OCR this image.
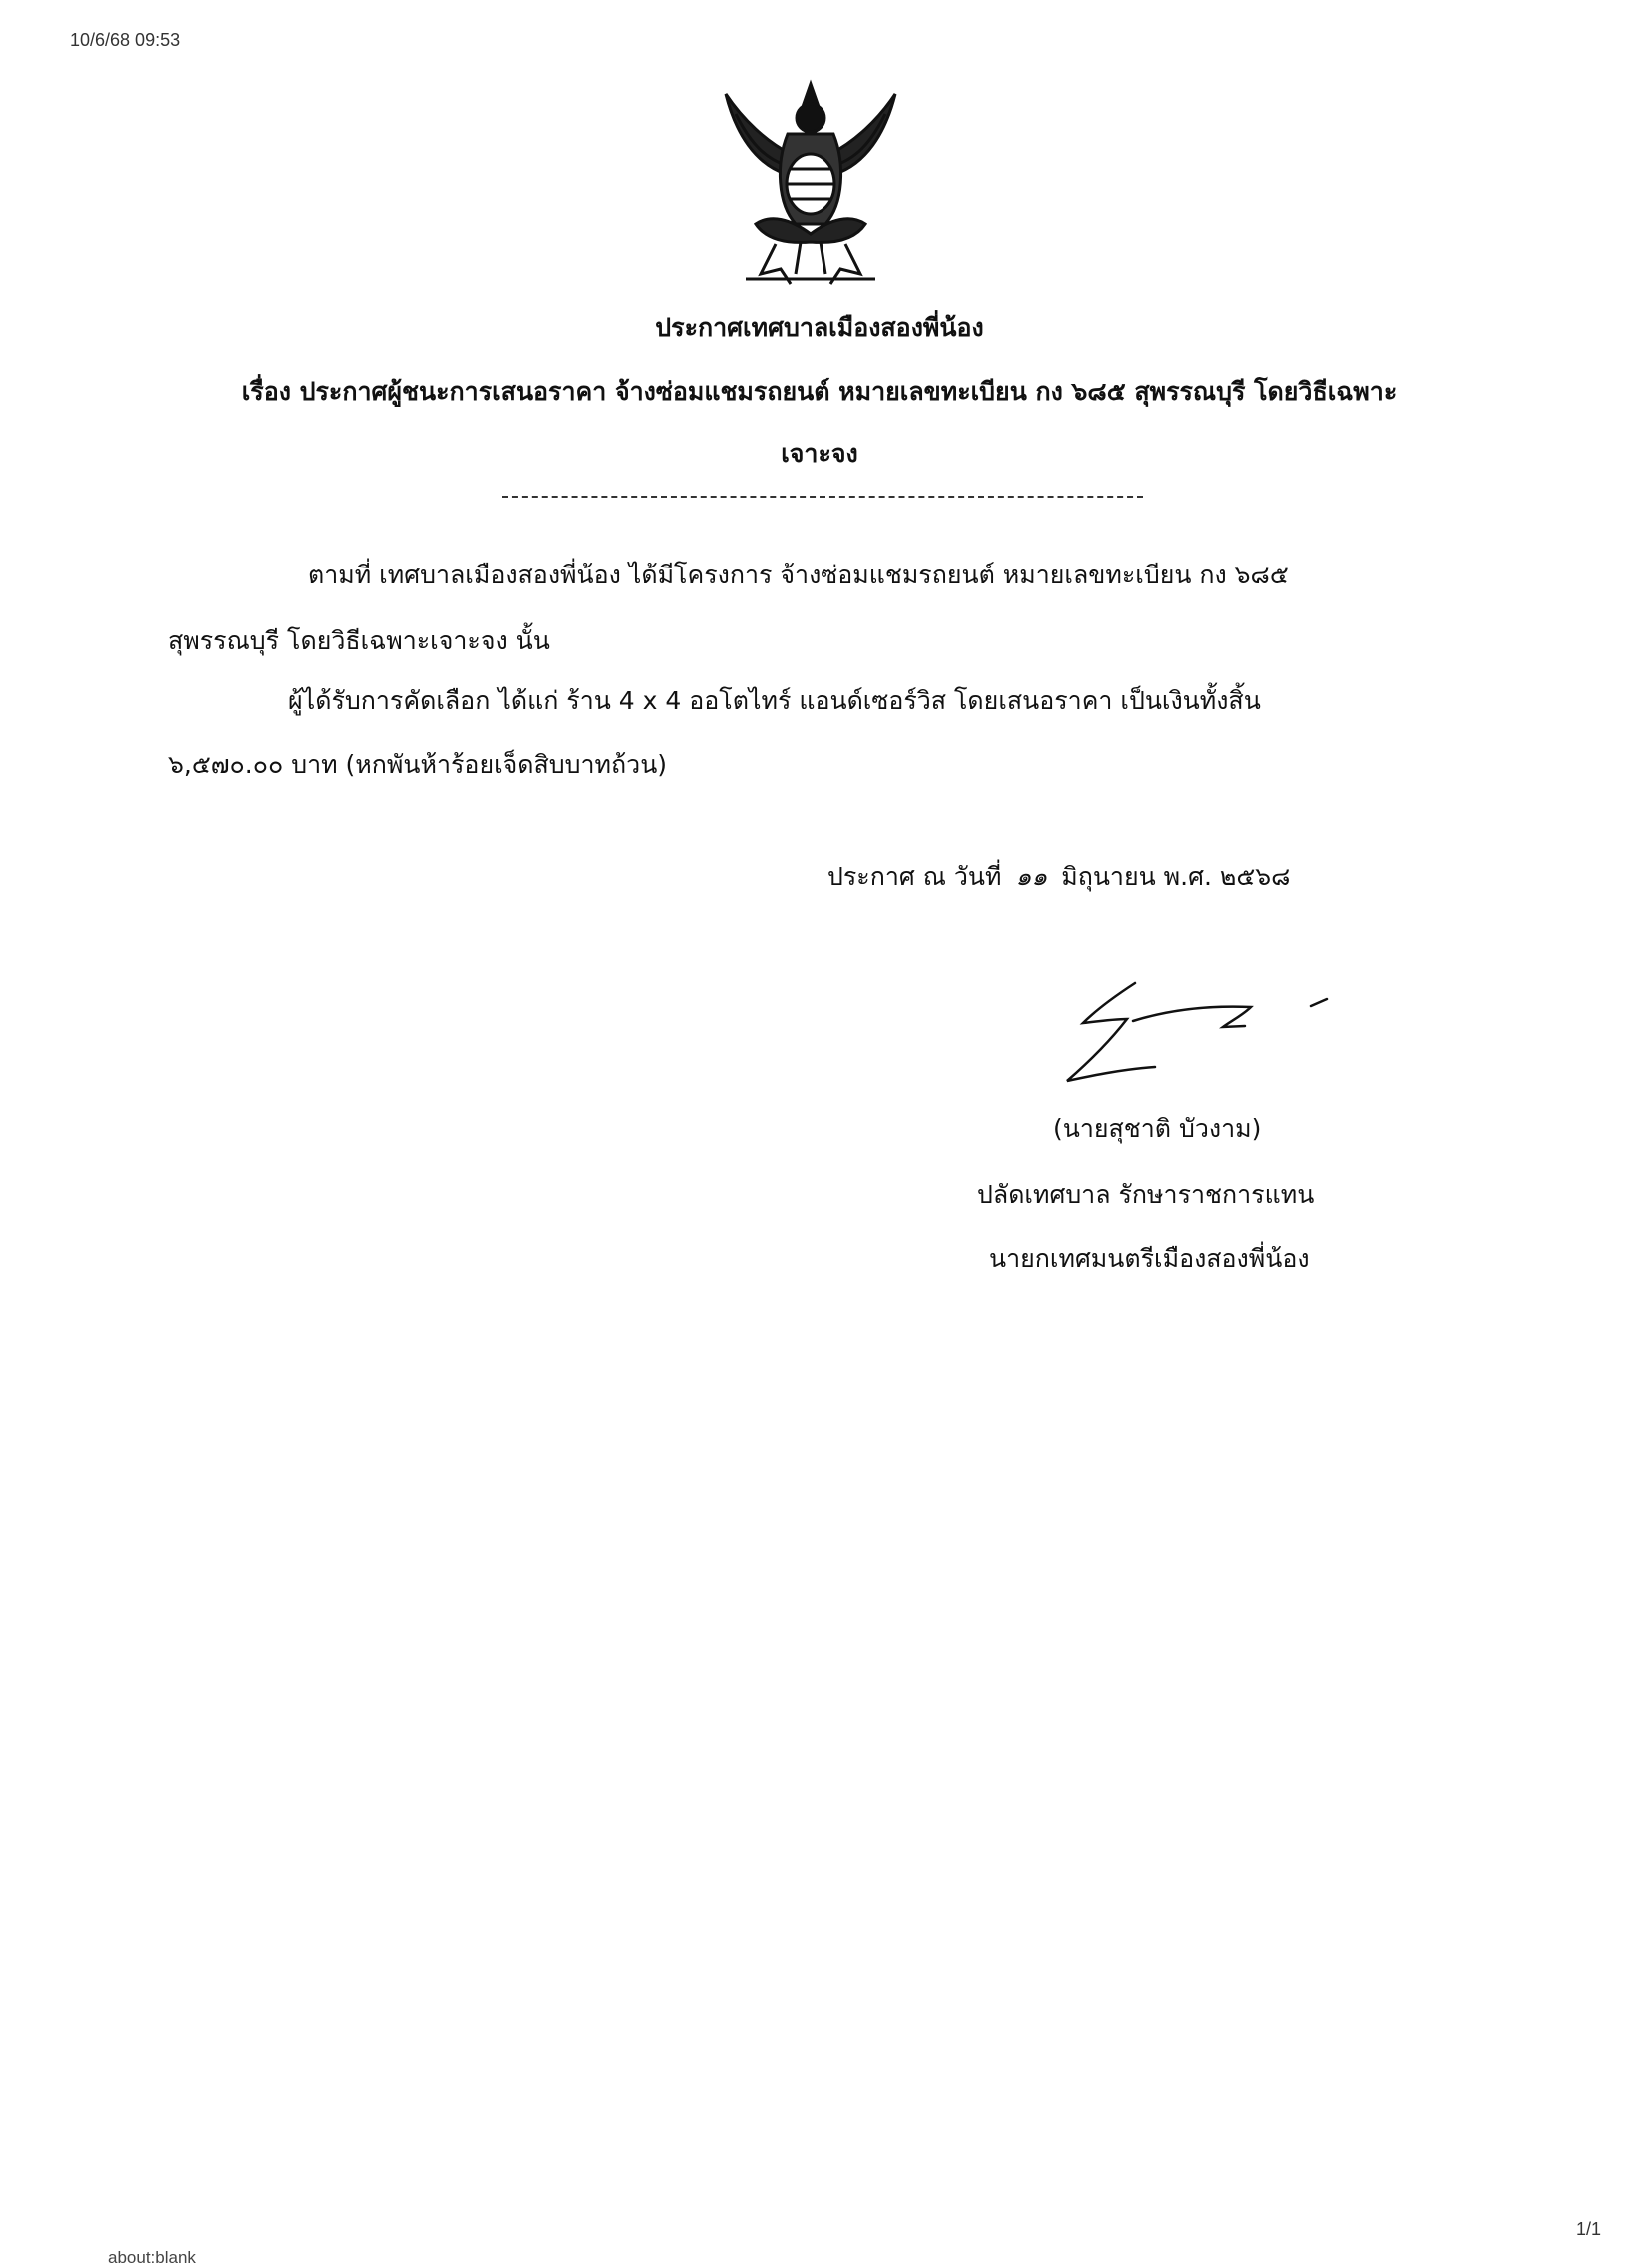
10/6/68 09:53
ประกาศเทศบาลเมืองสองพี่น้อง
เรื่อง ประกาศผู้ชนะการเสนอราคา จ้างซ่อมแชมรถยนต์ หมายเลขทะเบียน กง ๖๘๕ สุพรรณบุรี โดยวิธีเฉพาะ
เจาะจง
ตามที่ เทศบาลเมืองสองพี่น้อง ได้มีโครงการ จ้างซ่อมแชมรถยนต์ หมายเลขทะเบียน กง ๖๘๕
สุพรรณบุรี โดยวิธีเฉพาะเจาะจง นั้น
ผู้ได้รับการคัดเลือก ได้แก่ ร้าน 4 x 4 ออโตไทร์ แอนด์เซอร์วิส โดยเสนอราคา เป็นเงินทั้งสิ้น
๖,๕๗๐.๐๐ บาท (หกพันห้าร้อยเจ็ดสิบบาทถ้วน)
ประกาศ ณ วันที่ ๑๑ มิถุนายน พ.ศ. ๒๕๖๘
(นายสุชาติ บัวงาม)
ปลัดเทศบาล รักษาราชการแทน
นายกเทศมนตรีเมืองสองพี่น้อง
about:blank
1/1
